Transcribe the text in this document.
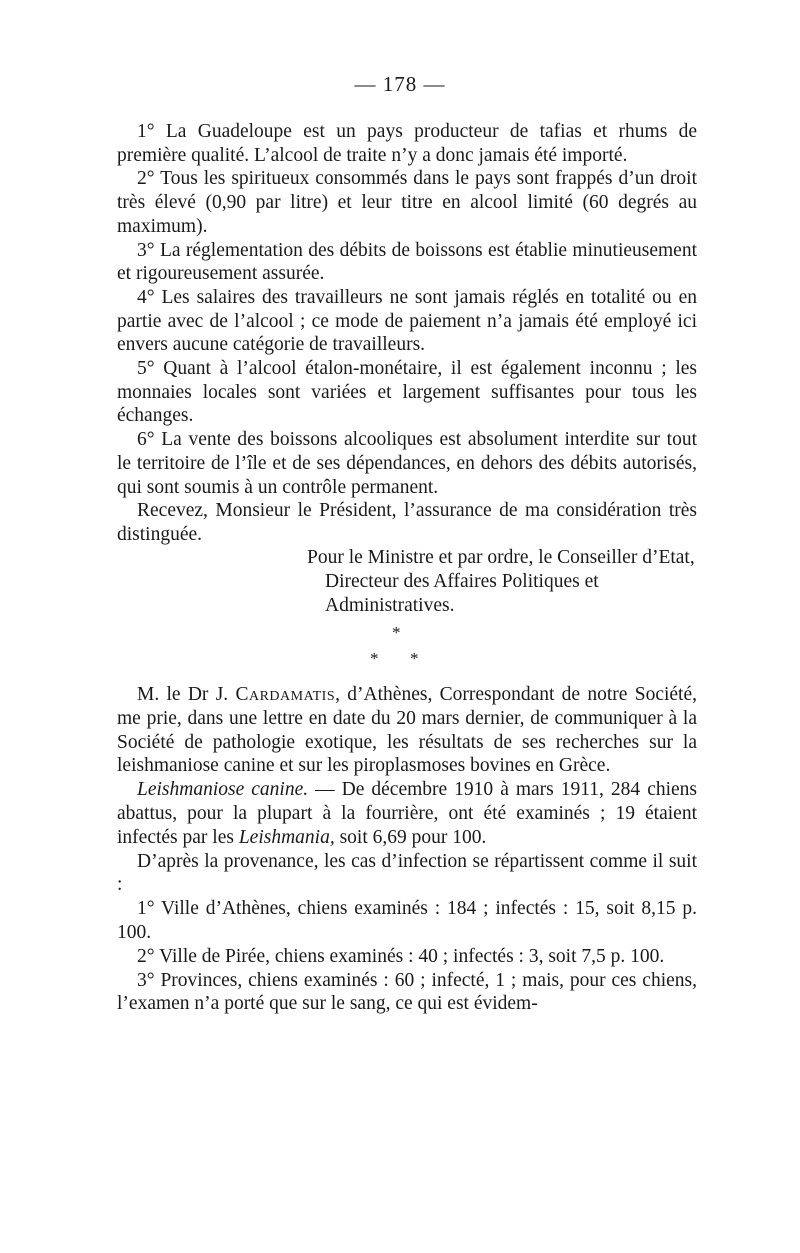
— 178 —

1° La Guadeloupe est un pays producteur de tafias et rhums de première qualité. L’alcool de traite n’y a donc jamais été importé.

2° Tous les spiritueux consommés dans le pays sont frappés d’un droit très élevé (0,90 par litre) et leur titre en alcool limité (60 degrés au maximum).

3° La réglementation des débits de boissons est établie minutieusement et rigoureusement assurée.

4° Les salaires des travailleurs ne sont jamais réglés en totalité ou en partie avec de l’alcool ; ce mode de paiement n’a jamais été employé ici envers aucune catégorie de travailleurs.

5° Quant à l’alcool étalon-monétaire, il est également inconnu ; les monnaies locales sont variées et largement suffisantes pour tous les échanges.

6° La vente des boissons alcooliques est absolument interdite sur tout le territoire de l’île et de ses dépendances, en dehors des débits autorisés, qui sont soumis à un contrôle permanent.

Recevez, Monsieur le Président, l’assurance de ma considération très distinguée.

Pour le Ministre et par ordre, le Conseiller d’Etat, Directeur des Affaires Politiques et Administratives.

*
* *

M. le Dr J. Cardamatis, d’Athènes, Correspondant de notre Société, me prie, dans une lettre en date du 20 mars dernier, de communiquer à la Société de pathologie exotique, les résultats de ses recherches sur la leishmaniose canine et sur les piroplasmoses bovines en Grèce.

Leishmaniose canine. — De décembre 1910 à mars 1911, 284 chiens abattus, pour la plupart à la fourrière, ont été examinés ; 19 étaient infectés par les Leishmania, soit 6,69 pour 100.

D’après la provenance, les cas d’infection se répartissent comme il suit :

1° Ville d’Athènes, chiens examinés : 184 ; infectés : 15, soit 8,15 p. 100.

2° Ville de Pirée, chiens examinés : 40 ; infectés : 3, soit 7,5 p. 100.

3° Provinces, chiens examinés : 60 ; infecté, 1 ; mais, pour ces chiens, l’examen n’a porté que sur le sang, ce qui est évidem-
